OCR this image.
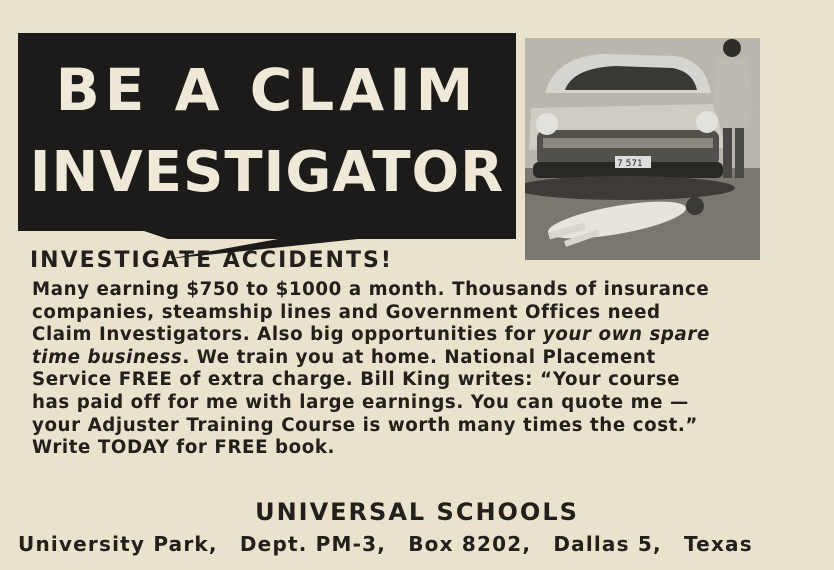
BE A CLAIM
INVESTIGATOR	7 571
INVESTIGATE ACCIDENTS!

Many earning $750 to $1000 a month. Thousands of insurance

companies, steamship lines and Government Offices need

Claim Investigators. Also big opportunities for your own spare

time business. We train you at home. National Placement

Service FREE of extra charge. Bill King writes: “Your course

has paid off for me with large earnings. You can quote me —

your Adjuster Training Course is worth many times the cost.”

Write TODAY for FREE book.

UNIVERSAL SCHOOLS

University Park, Dept. PM-3, Box 8202, Dallas 5, Texas
